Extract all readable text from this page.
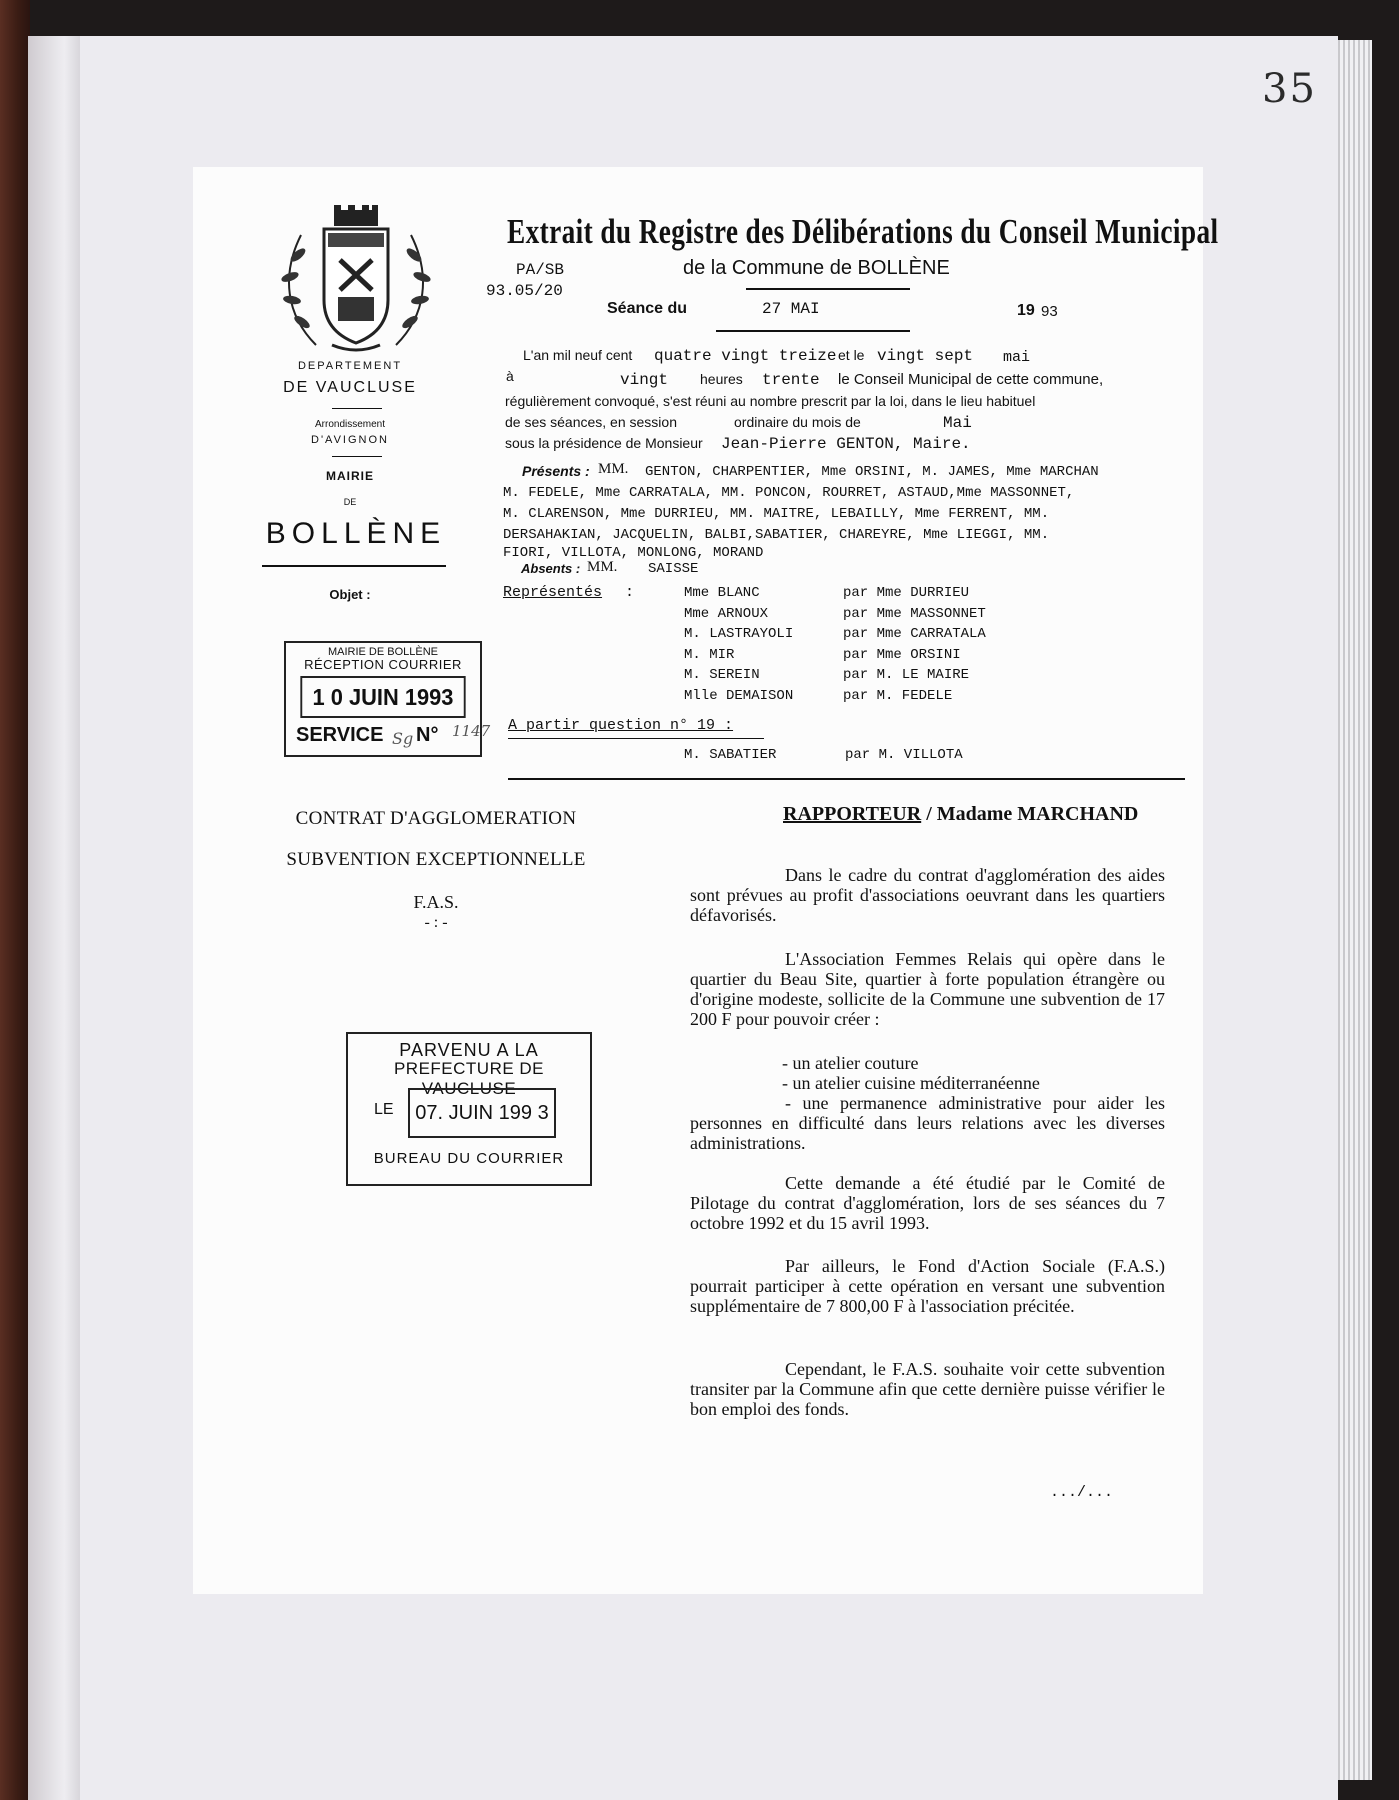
35
DEPARTEMENT
DE VAUCLUSE
Arrondissement
D'AVIGNON
MAIRIE
DE
BOLLÈNE
Objet :
Extrait du Registre des Délibérations du Conseil Municipal
PA/SB
93.05/20
de la Commune de BOLLÈNE
Séance du	27 MAI	19 93
L'an mil neuf cent quatre vingt treize et le vingt sept mai
à	vingt heures trente le Conseil Municipal de cette commune,
régulièrement convoqué, s'est réuni au nombre prescrit par la loi, dans le lieu habituel
de ses séances, en session	ordinaire du mois de	Mai
sous la présidence de Monsieur Jean-Pierre GENTON, Maire.
Présents : MM. GENTON, CHARPENTIER, Mme ORSINI, M. JAMES, Mme MARCHAN
M. FEDELE, Mme CARRATALA, MM. PONCON, ROURRET, ASTAUD,Mme MASSONNET,
M. CLARENSON, Mme DURRIEU, MM. MAITRE, LEBAILLY, Mme FERRENT, MM.
DERSAHAKIAN, JACQUELIN, BALBI,SABATIER, CHAREYRE, Mme LIEGGI, MM.
FIORI, VILLOTA, MONLONG, MORAND
Absents : MM. SAISSE
Représentés :	Mme BLANC	par Mme DURRIEU
Mme ARNOUX	par Mme MASSONNET
M. LASTRAYOLI	par Mme CARRATALA
M. MIR	par Mme ORSINI
M. SEREIN	par M. LE MAIRE
Mlle DEMAISON	par M. FEDELE
A partir question n° 19 :
M. SABATIER	par M. VILLOTA
MAIRIE DE BOLLÈNE
RÉCEPTION COURRIER
1 0 JUIN 1993
SERVICE Sg N° 1147
CONTRAT D'AGGLOMERATION
SUBVENTION EXCEPTIONNELLE
F.A.S.
- : -
PARVENU A LA
PREFECTURE DE VAUCLUSE
LE	07. JUIN 199 3
BUREAU DU COURRIER
RAPPORTEUR / Madame MARCHAND

Dans le cadre du contrat d'agglomération des aides sont prévues au profit d'associations oeuvrant dans les quartiers défavorisés.

L'Association Femmes Relais qui opère dans le quartier du Beau Site, quartier à forte population étrangère ou d'origine modeste, sollicite de la Commune une subvention de 17 200 F pour pouvoir créer :

- un atelier couture
- un atelier cuisine méditerranéenne

- une permanence administrative pour aider les personnes en difficulté dans leurs relations avec les diverses administrations.

Cette demande a été étudié par le Comité de Pilotage du contrat d'agglomération, lors de ses séances du 7 octobre 1992 et du 15 avril 1993.

Par ailleurs, le Fond d'Action Sociale (F.A.S.) pourrait participer à cette opération en versant une subvention supplémentaire de 7 800,00 F à l'association précitée.

Cependant, le F.A.S. souhaite voir cette subvention transiter par la Commune afin que cette dernière puisse vérifier le bon emploi des fonds.

.../...
